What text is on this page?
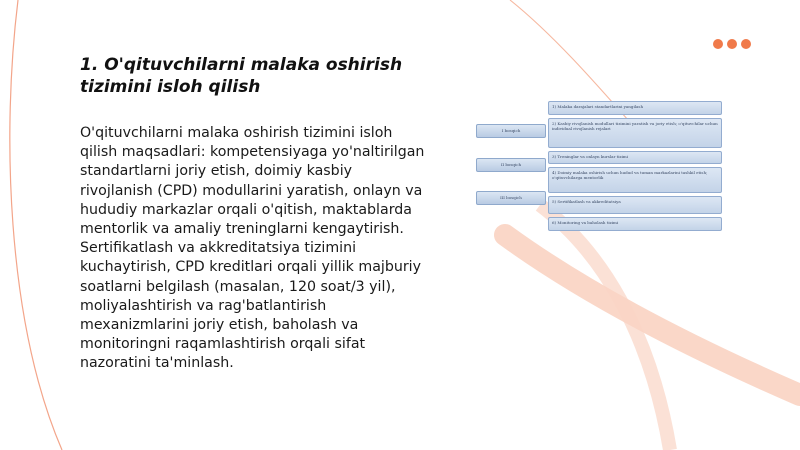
1. O'qituvchilarni malaka oshirish tizimini isloh qilish

O'qituvchilarni malaka oshirish tizimini isloh qilish maqsadlari: kompetensiyaga yo'naltirilgan standartlarni joriy etish, doimiy kasbiy rivojlanish (CPD) modullarini yaratish, onlayn va hududiy markazlar orqali o'qitish, maktablarda mentorlik va amaliy treninglarni kengaytirish. Sertifikatlash va akkreditatsiya tizimini kuchaytirish, CPD kreditlari orqali yillik majburiy soatlarni belgilash (masalan, 120 soat/3 yil), moliyalashtirish va rag'batlantirish mexanizmlarini joriy etish, baholash va monitoringni raqamlashtirish orqali sifat nazoratini ta'minlash.

I bosqich
II bosqich
III bosqich
1) Malaka darajalari standartlarini yangilash
2) Kasbiy rivojlanish modullari tizimini yaratish va joriy etish; o'qituvchilar uchun individual rivojlanish rejalari
3) Treninglar va onlayn kurslar tizimi
4) Doimiy malaka oshirish uchun hudud va tuman markazlarini tashkil etish; o'qituvchilarga mentorlik
5) Sertifikatlash va akkreditatsiya
6) Monitoring va baholash tizimi
